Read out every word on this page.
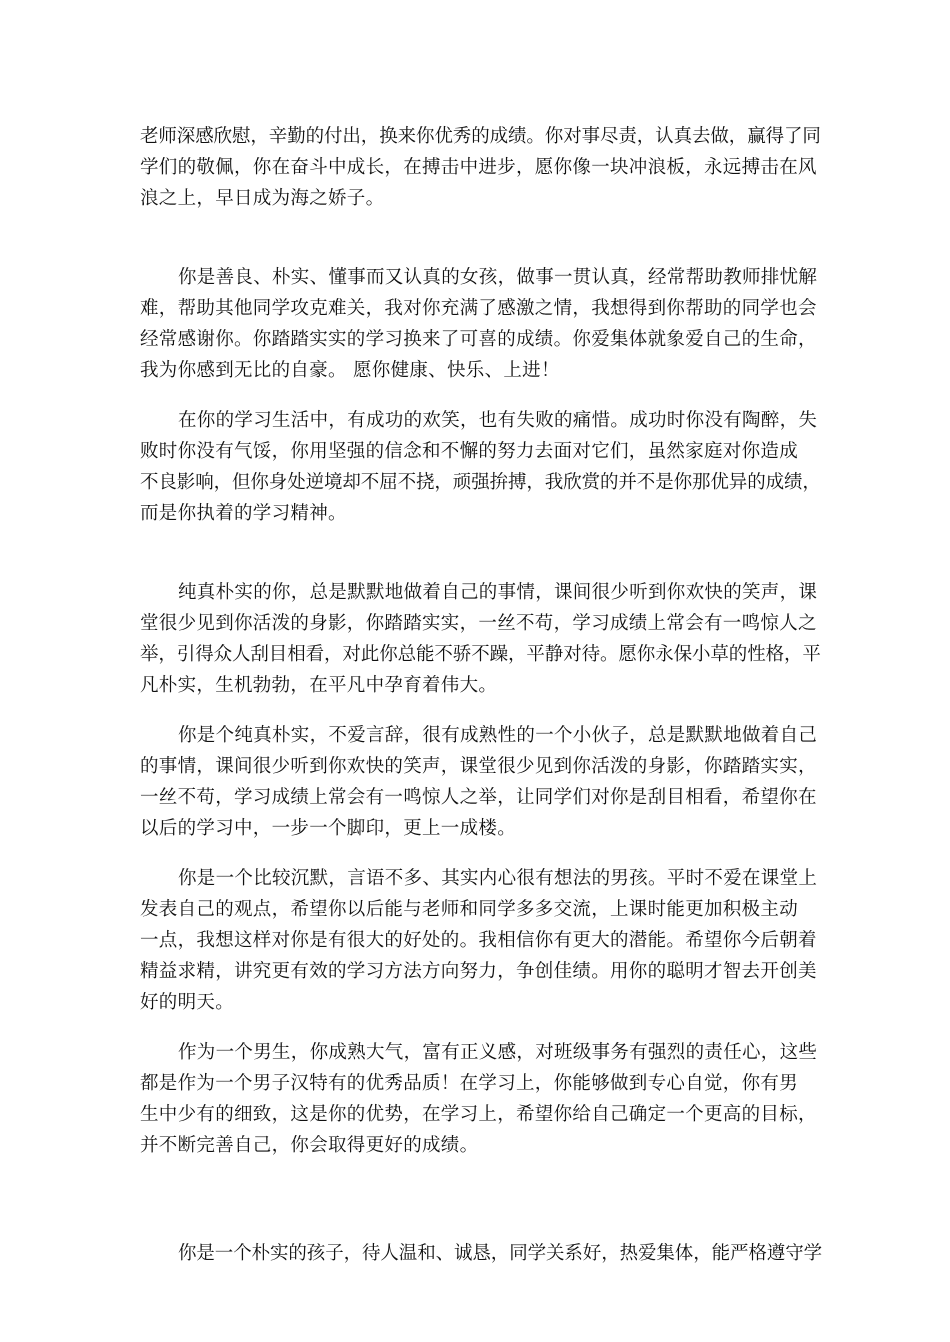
老师深感欣慰，辛勤的付出，换来你优秀的成绩。你对事尽责，认真去做，赢得了同
学们的敬佩，你在奋斗中成长，在搏击中进步，愿你像一块冲浪板，永远搏击在风
浪之上，早日成为海之娇子。
你是善良、朴实、懂事而又认真的女孩，做事一贯认真，经常帮助教师排忧解
难，帮助其他同学攻克难关，我对你充满了感激之情，我想得到你帮助的同学也会
经常感谢你。你踏踏实实的学习换来了可喜的成绩。你爱集体就象爱自己的生命，
我为你感到无比的自豪。 愿你健康、快乐、上进！
在你的学习生活中，有成功的欢笑，也有失败的痛惜。成功时你没有陶醉，失
败时你没有气馁，你用坚强的信念和不懈的努力去面对它们，虽然家庭对你造成
不良影响，但你身处逆境却不屈不挠，顽强拚搏，我欣赏的并不是你那优异的成绩，
而是你执着的学习精神。
纯真朴实的你，总是默默地做着自己的事情，课间很少听到你欢快的笑声，课
堂很少见到你活泼的身影，你踏踏实实，一丝不苟，学习成绩上常会有一鸣惊人之
举，引得众人刮目相看，对此你总能不骄不躁，平静对待。愿你永保小草的性格，平
凡朴实，生机勃勃，在平凡中孕育着伟大。
你是个纯真朴实，不爱言辞，很有成熟性的一个小伙子，总是默默地做着自己
的事情，课间很少听到你欢快的笑声，课堂很少见到你活泼的身影，你踏踏实实，
一丝不苟，学习成绩上常会有一鸣惊人之举，让同学们对你是刮目相看，希望你在
以后的学习中，一步一个脚印，更上一成楼。
你是一个比较沉默，言语不多、其实内心很有想法的男孩。平时不爱在课堂上
发表自己的观点，希望你以后能与老师和同学多多交流，上课时能更加积极主动
一点，我想这样对你是有很大的好处的。我相信你有更大的潜能。希望你今后朝着
精益求精，讲究更有效的学习方法方向努力，争创佳绩。用你的聪明才智去开创美
好的明天。
作为一个男生，你成熟大气，富有正义感，对班级事务有强烈的责任心，这些
都是作为一个男子汉特有的优秀品质！在学习上，你能够做到专心自觉，你有男
生中少有的细致，这是你的优势，在学习上，希望你给自己确定一个更高的目标，
并不断完善自己，你会取得更好的成绩。
你是一个朴实的孩子，待人温和、诚恳，同学关系好，热爱集体，能严格遵守学
